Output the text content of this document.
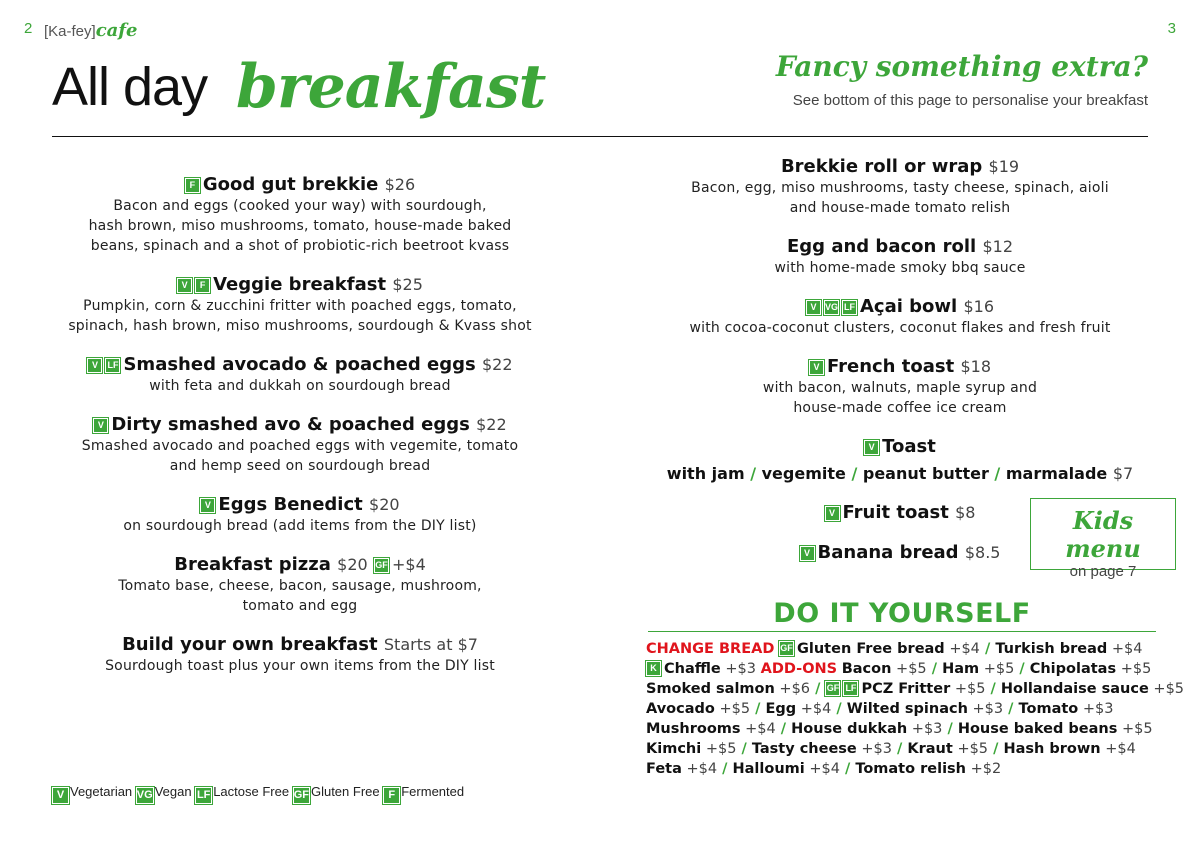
2	3
[Ka-fey]cafe
All day breakfast	Fancy something extra?
See bottom of this page to personalise your breakfast
F Good gut brekkie $26
Bacon and eggs (cooked your way) with sourdough,
hash brown, miso mushrooms, tomato, house-made baked
beans, spinach and a shot of probiotic-rich beetroot kvass
V F Veggie breakfast $25
Pumpkin, corn & zucchini fritter with poached eggs, tomato,
spinach, hash brown, miso mushrooms, sourdough & Kvass shot
V LF Smashed avocado & poached eggs $22
with feta and dukkah on sourdough bread
V Dirty smashed avo & poached eggs $22
Smashed avocado and poached eggs with vegemite, tomato
and hemp seed on sourdough bread
V Eggs Benedict $20
on sourdough bread (add items from the DIY list)
Breakfast pizza $20 GF +$4
Tomato base, cheese, bacon, sausage, mushroom,
tomato and egg
Build your own breakfast Starts at $7
Sourdough toast plus your own items from the DIY list
Brekkie roll or wrap $19
Bacon, egg, miso mushrooms, tasty cheese, spinach, aioli
and house-made tomato relish
Egg and bacon roll $12
with home-made smoky bbq sauce
V VG LF Açai bowl $16
with cocoa-coconut clusters, coconut flakes and fresh fruit
V French toast $18
with bacon, walnuts, maple syrup and
house-made coffee ice cream
V Toast
with jam / vegemite / peanut butter / marmalade $7
V Fruit toast $8
V Banana bread $8.5
Kids menu
on page 7
DO IT YOURSELF
CHANGE BREAD GF Gluten Free bread +$4 / Turkish bread +$4
K Chaffle +$3 ADD-ONS Bacon +$5 / Ham +$5 / Chipolatas +$5
Smoked salmon +$6 / GF LF PCZ Fritter +$5 / Hollandaise sauce +$5
Avocado +$5 / Egg +$4 / Wilted spinach +$3 / Tomato +$3
Mushrooms +$4 / House dukkah +$3 / House baked beans +$5
Kimchi +$5 / Tasty cheese +$3 / Kraut +$5 / Hash brown +$4
Feta +$4 / Halloumi +$4 / Tomato relish +$2
V Vegetarian VG Vegan LF Lactose Free GF Gluten Free F Fermented
